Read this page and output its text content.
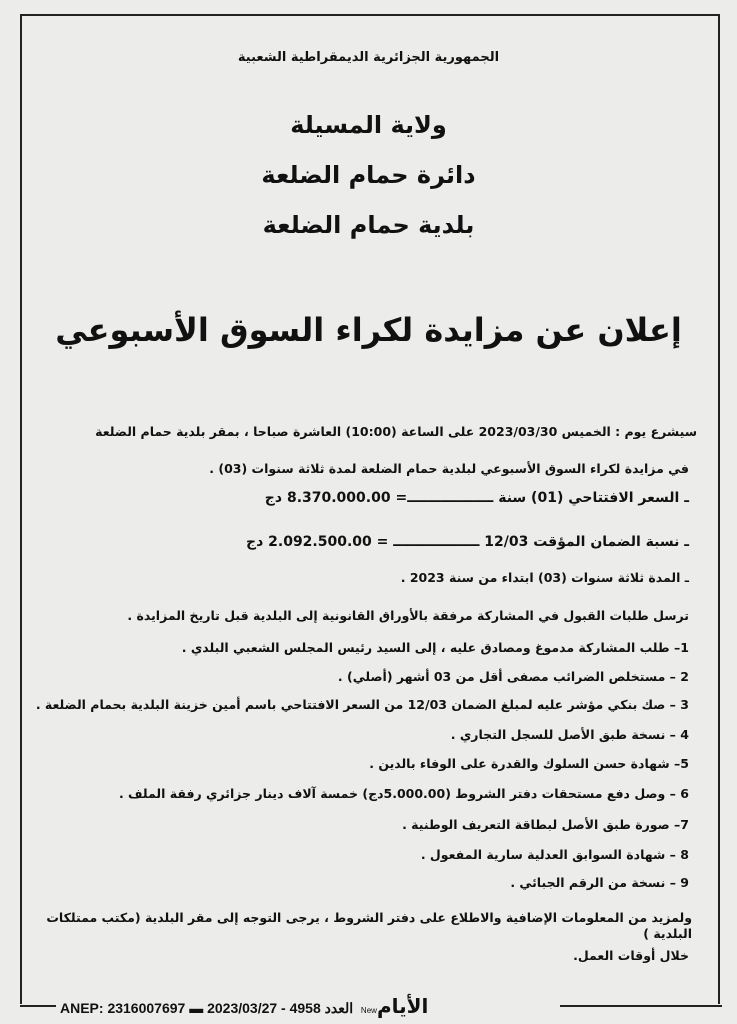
الجمهورية الجزائرية الديمقراطية الشعبية
ولاية المسيلة
دائرة حمام الضلعة
بلدية حمام الضلعة
إعلان عن مزايدة لكراء السوق الأسبوعي
سيشرع يوم : الخميس 2023/03/30 على الساعة (10:00) العاشرة صباحا ، بمقر بلدية حمام الضلعة
في مزايدة لكراء السوق الأسبوعي لبلدية حمام الضلعة لمدة ثلاثة سنوات (03) .
ـ السعر الافتتاحي (01) سنة ــــــــــــــــــ= 8.370.000.00 دج
ـ نسبة الضمان المؤقت 12/03 ــــــــــــــــــ = 2.092.500.00 دج
ـ المدة ثلاثة سنوات (03) ابتداء من سنة 2023 .
ترسل طلبات القبول في المشاركة مرفقة بالأوراق القانونية إلى البلدية قبل تاريخ المزايدة .
1– طلب المشاركة مدموغ ومصادق عليه ، إلى السيد رئيس المجلس الشعبي البلدي .
2 – مستخلص الضرائب مصفى أقل من 03 أشهر (أصلي) .
3 – صك بنكي مؤشر عليه لمبلغ الضمان 12/03 من السعر الافتتاحي باسم أمين خزينة البلدية بحمام الضلعة .
4 – نسخة طبق الأصل للسجل التجاري .
5– شهادة حسن السلوك والقدرة على الوفاء بالدين .
6 – وصل دفع مستحقات دفتر الشروط (5.000.00دج) خمسة آلاف دينار جزائري رفقة الملف .
7– صورة طبق الأصل لبطاقة التعريف الوطنية .
8 – شهادة السوابق العدلية سارية المفعول .
9 – نسخة من الرقم الجبائي .
ولمزيد من المعلومات الإضافية والاطلاع على دفتر الشروط ، يرجى التوجه إلى مقر البلدية (مكتب ممتلكات البلدية )
خلال أوقات العمل.
ANEP: 2316007697 ▬ 2023/03/27 - 4958 العدد Newالأيام
